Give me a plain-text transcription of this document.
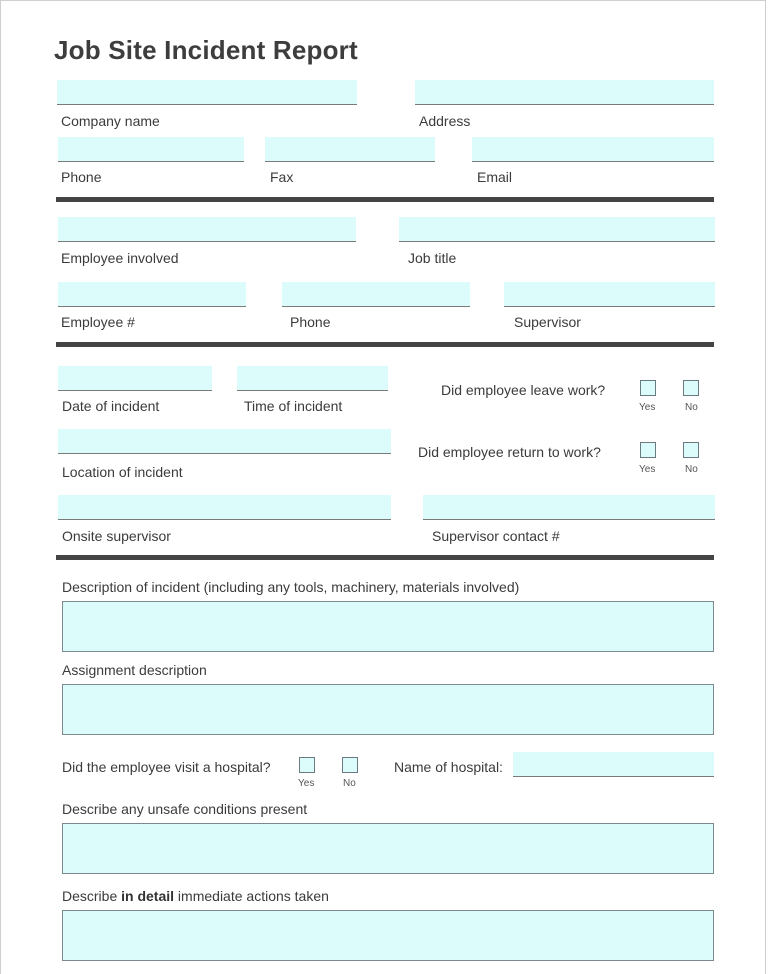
Job Site Incident Report
Company name	Address
Phone	Fax	Email
Employee involved	Job title
Employee #	Phone	Supervisor
Date of incident	Time of incident
Did employee leave work?
Yes	No
Location of incident
Did employee return to work?
Yes	No
Onsite supervisor	Supervisor contact #
Description of incident (including any tools, machinery, materials involved)
Assignment description
Did the employee visit a hospital?
Yes	No
Name of hospital:
Describe any unsafe conditions present
Describe in detail immediate actions taken
